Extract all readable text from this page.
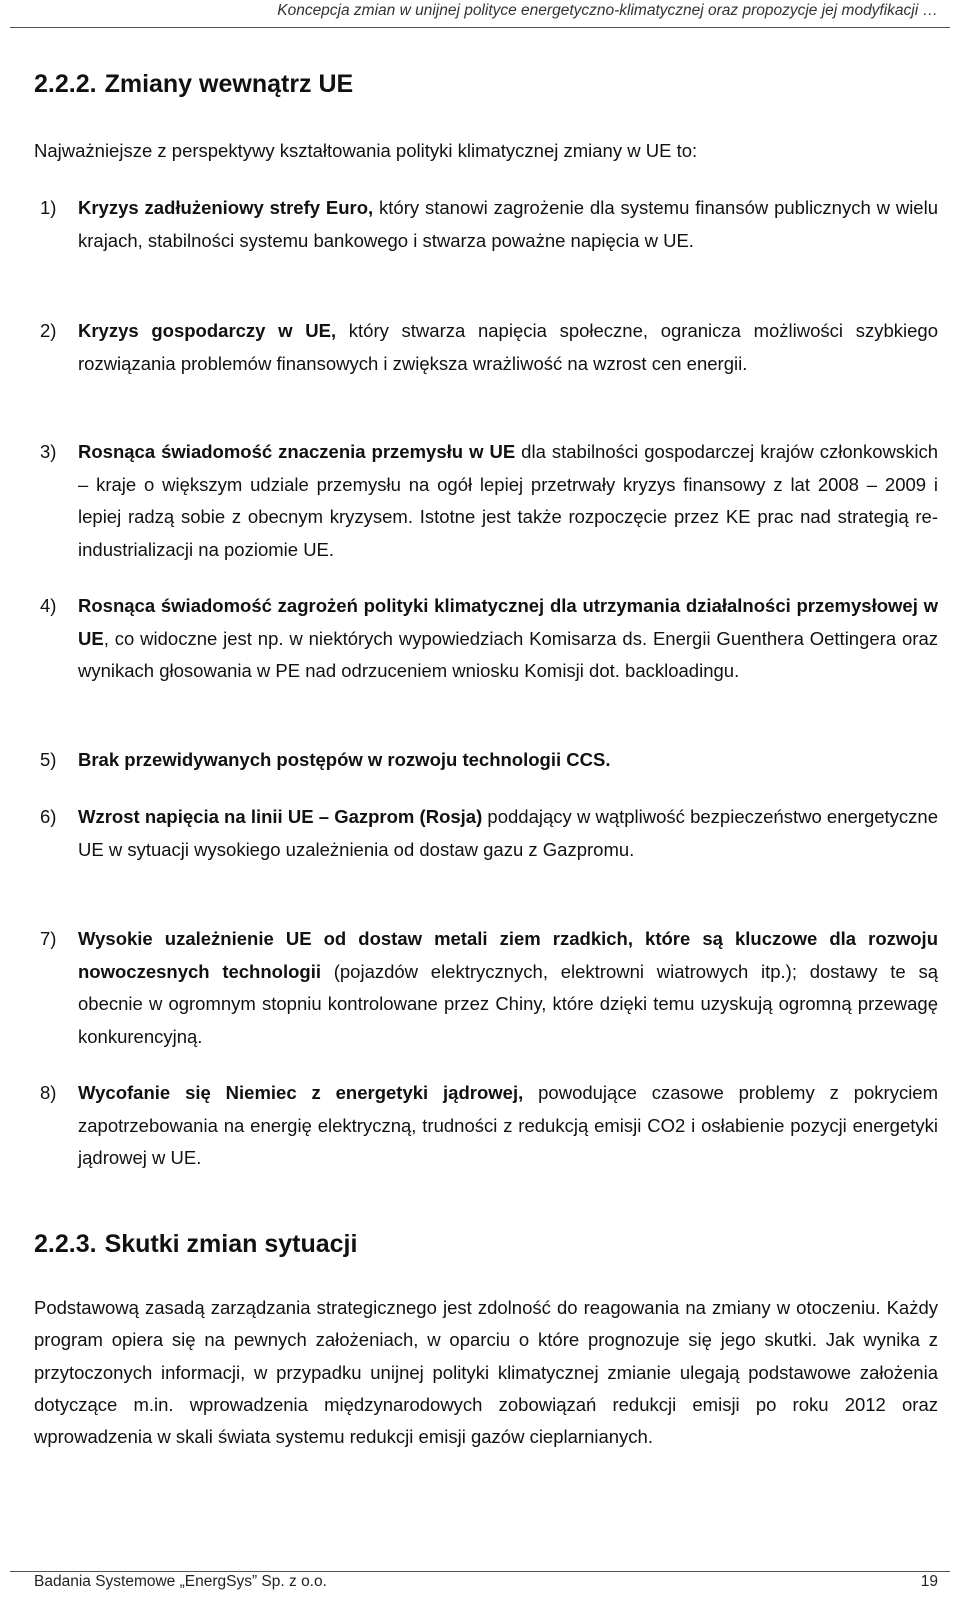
Koncepcja zmian w unijnej polityce energetyczno-klimatycznej oraz propozycje jej modyfikacji …
2.2.2. Zmiany wewnątrz UE
Najważniejsze z perspektywy kształtowania polityki klimatycznej zmiany w UE to:
1) Kryzys zadłużeniowy strefy Euro, który stanowi zagrożenie dla systemu finansów publicznych w wielu krajach, stabilności systemu bankowego i stwarza poważne napięcia w UE.
2) Kryzys gospodarczy w UE, który stwarza napięcia społeczne, ogranicza możliwości szybkiego rozwiązania problemów finansowych i zwiększa wrażliwość na wzrost cen energii.
3) Rosnąca świadomość znaczenia przemysłu w UE dla stabilności gospodarczej krajów członkowskich – kraje o większym udziale przemysłu na ogół lepiej przetrwały kryzys finansowy z lat 2008 – 2009 i lepiej radzą sobie z obecnym kryzysem. Istotne jest także rozpoczęcie przez KE prac nad strategią re-industrializacji na poziomie UE.
4) Rosnąca świadomość zagrożeń polityki klimatycznej dla utrzymania działalności przemysłowej w UE, co widoczne jest np. w niektórych wypowiedziach Komisarza ds. Energii Guenthera Oettingera oraz wynikach głosowania w PE nad odrzuceniem wniosku Komisji dot. backloadingu.
5) Brak przewidywanych postępów w rozwoju technologii CCS.
6) Wzrost napięcia na linii UE – Gazprom (Rosja) poddający w wątpliwość bezpieczeństwo energetyczne UE w sytuacji wysokiego uzależnienia od dostaw gazu z Gazpromu.
7) Wysokie uzależnienie UE od dostaw metali ziem rzadkich, które są kluczowe dla rozwoju nowoczesnych technologii (pojazdów elektrycznych, elektrowni wiatrowych itp.); dostawy te są obecnie w ogromnym stopniu kontrolowane przez Chiny, które dzięki temu uzyskują ogromną przewagę konkurencyjną.
8) Wycofanie się Niemiec z energetyki jądrowej, powodujące czasowe problemy z pokryciem zapotrzebowania na energię elektryczną, trudności z redukcją emisji CO2 i osłabienie pozycji energetyki jądrowej w UE.
2.2.3. Skutki zmian sytuacji
Podstawową zasadą zarządzania strategicznego jest zdolność do reagowania na zmiany w otoczeniu. Każdy program opiera się na pewnych założeniach, w oparciu o które prognozuje się jego skutki. Jak wynika z przytoczonych informacji, w przypadku unijnej polityki klimatycznej zmianie ulegają podstawowe założenia dotyczące m.in. wprowadzenia międzynarodowych zobowiązań redukcji emisji po roku 2012 oraz wprowadzenia w skali świata systemu redukcji emisji gazów cieplarnianych.
Badania Systemowe „EnergSys” Sp. z o.o.	19
